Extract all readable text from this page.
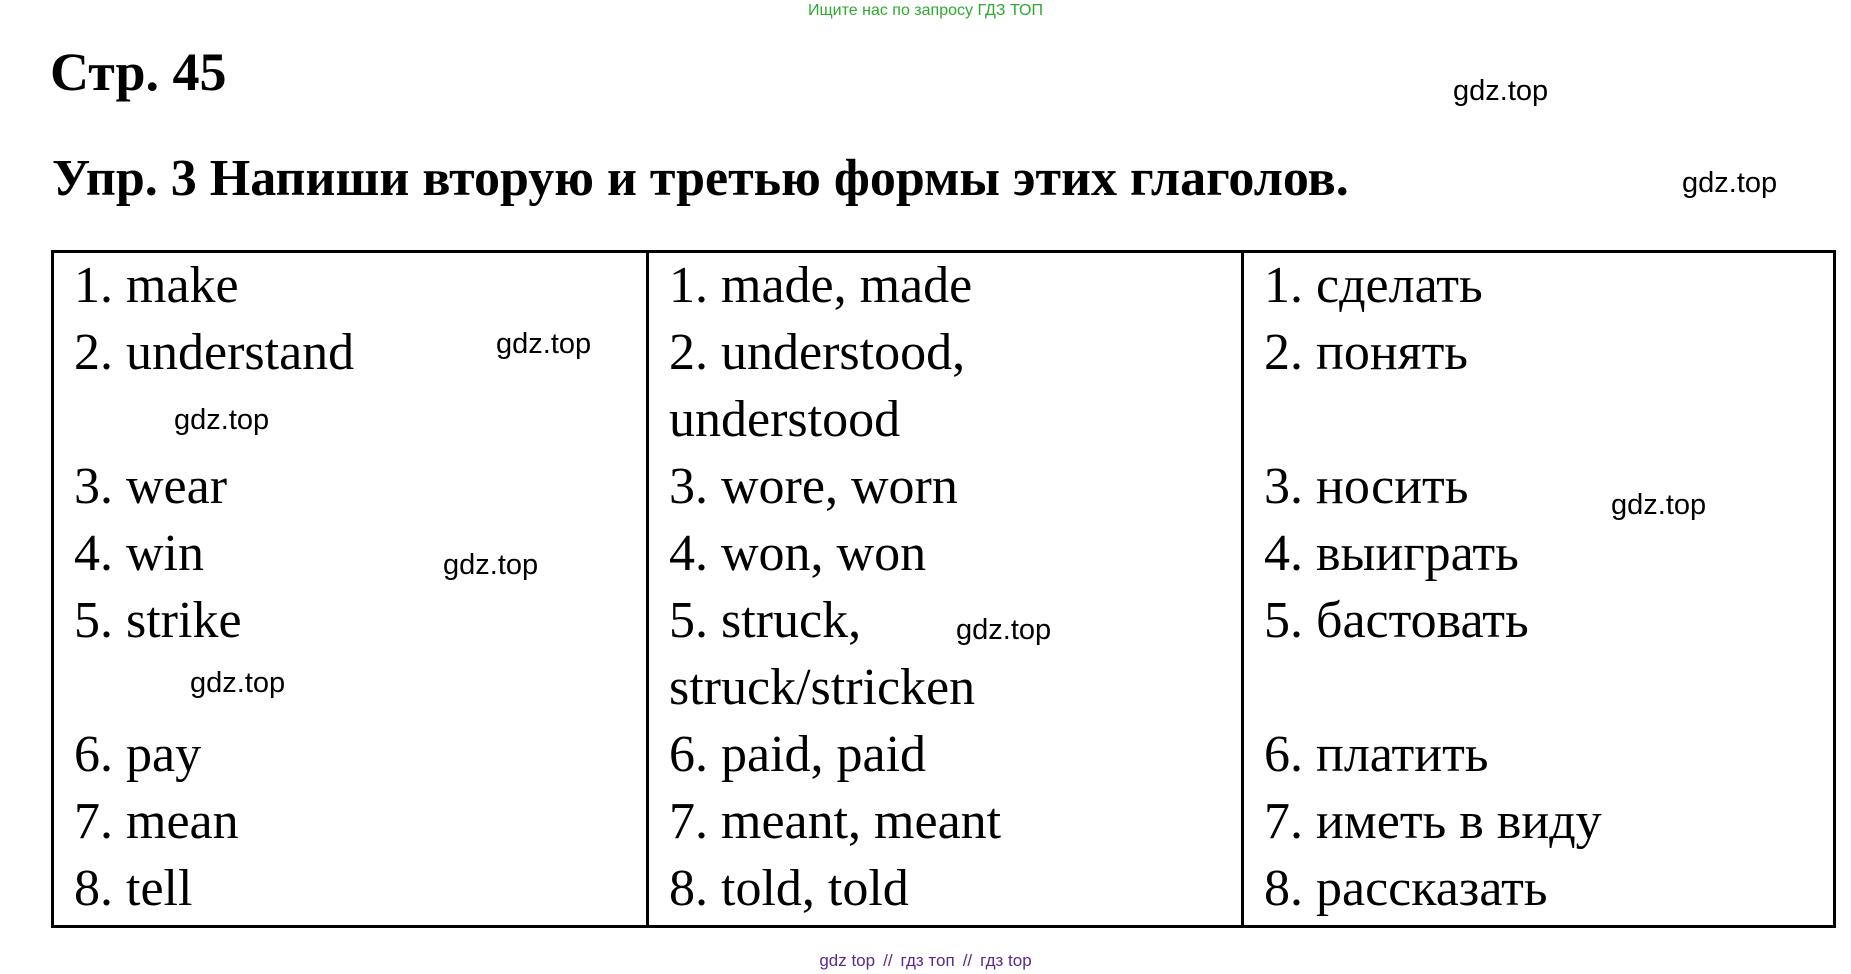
Ищите нас по запросу ГДЗ ТОП
Стр. 45
Упр. 3 Напиши вторую и третью формы этих глаголов.
gdz.top
gdz.top
1. make
2. understand
3. wear
4. win
5. strike
6. pay
7. mean
8. tell
1. made, made
2. understood,
understood
3. wore, worn
4. won, won
5. struck,
struck/stricken
6. paid, paid
7. meant, meant
8. told, told
1. сделать
2. понять
3. носить
4. выиграть
5. бастовать
6. платить
7. иметь в виду
8. рассказать
gdz.top
gdz.top
gdz.top
gdz.top
gdz.top
gdz.top
gdz top // гдз топ // гдз top
